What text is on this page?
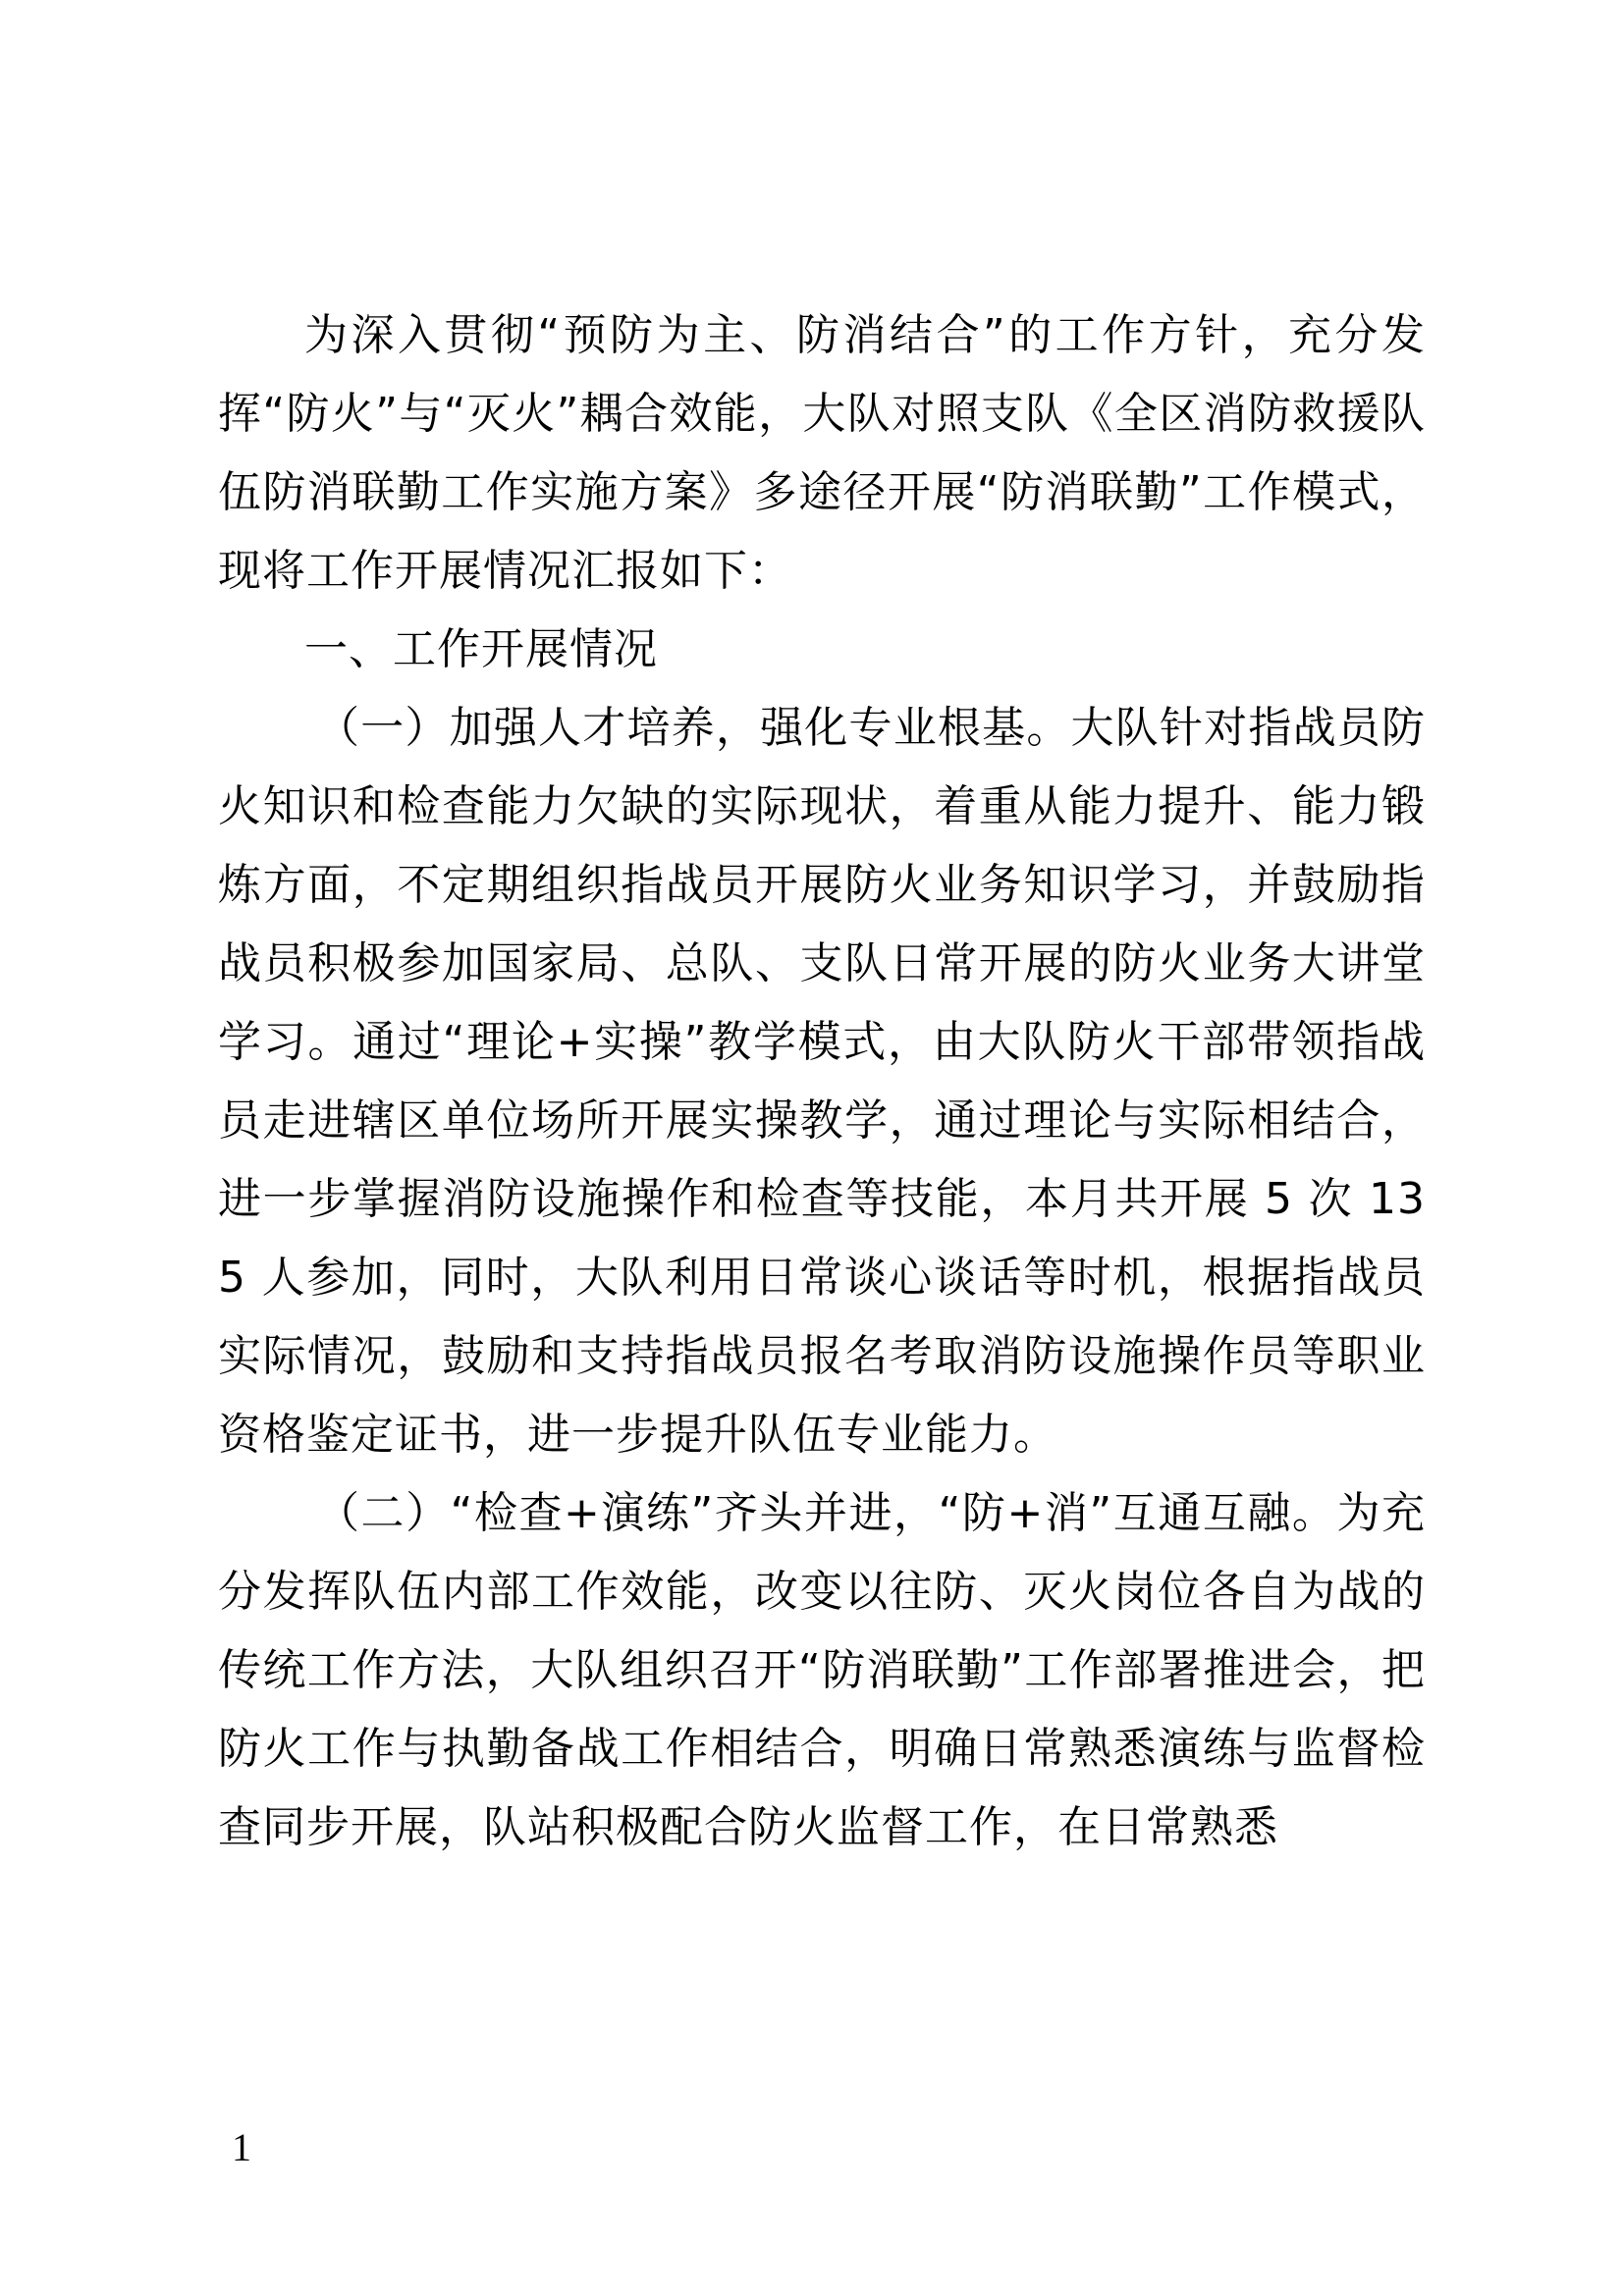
为深入贯彻“预防为主、防消结合”的工作方针，充分发挥“防火”与“灭火”耦合效能，大队对照支队《全区消防救援队伍防消联勤工作实施方案》多途径开展“防消联勤”工作模式，现将工作开展情况汇报如下：

一、工作开展情况

（一）加强人才培养，强化专业根基。大队针对指战员防火知识和检查能力欠缺的实际现状，着重从能力提升、能力锻炼方面，不定期组织指战员开展防火业务知识学习，并鼓励指战员积极参加国家局、总队、支队日常开展的防火业务大讲堂学习。通过“理论+实操”教学模式，由大队防火干部带领指战员走进辖区单位场所开展实操教学，通过理论与实际相结合，进一步掌握消防设施操作和检查等技能，本月共开展 5 次 135 人参加，同时，大队利用日常谈心谈话等时机，根据指战员实际情况，鼓励和支持指战员报名考取消防设施操作员等职业资格鉴定证书，进一步提升队伍专业能力。

（二）“检查+演练”齐头并进，“防+消”互通互融。为充分发挥队伍内部工作效能，改变以往防、灭火岗位各自为战的传统工作方法，大队组织召开“防消联勤”工作部署推进会，把防火工作与执勤备战工作相结合，明确日常熟悉演练与监督检查同步开展，队站积极配合防火监督工作，在日常熟悉

1
